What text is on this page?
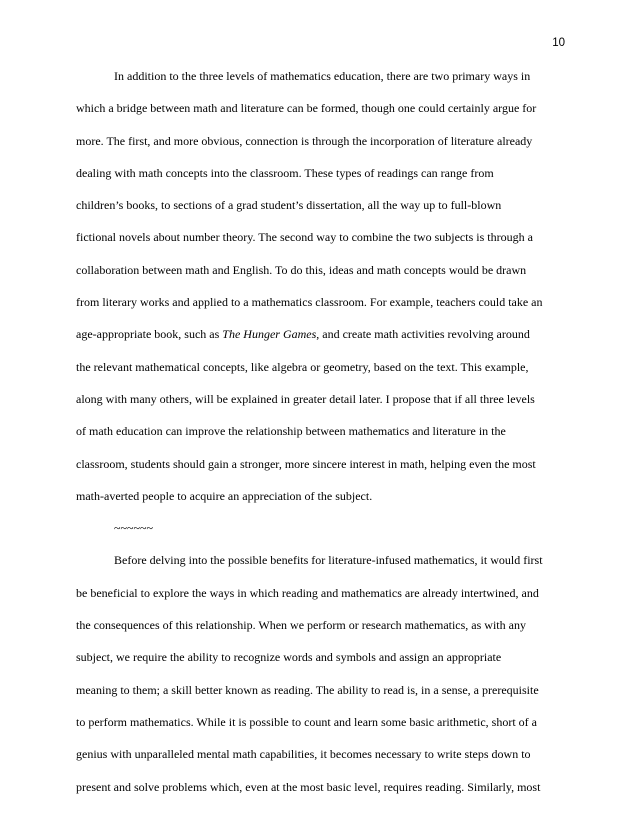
10
In addition to the three levels of mathematics education, there are two primary ways in
which a bridge between math and literature can be formed, though one could certainly argue for
more. The first, and more obvious, connection is through the incorporation of literature already
dealing with math concepts into the classroom. These types of readings can range from
children’s books, to sections of a grad student’s dissertation, all the way up to full-blown
fictional novels about number theory. The second way to combine the two subjects is through a
collaboration between math and English. To do this, ideas and math concepts would be drawn
from literary works and applied to a mathematics classroom. For example, teachers could take an
age-appropriate book, such as The Hunger Games, and create math activities revolving around
the relevant mathematical concepts, like algebra or geometry, based on the text. This example,
along with many others, will be explained in greater detail later. I propose that if all three levels
of math education can improve the relationship between mathematics and literature in the
classroom, students should gain a stronger, more sincere interest in math, helping even the most
math-averted people to acquire an appreciation of the subject.
~~~~~~
Before delving into the possible benefits for literature-infused mathematics, it would first
be beneficial to explore the ways in which reading and mathematics are already intertwined, and
the consequences of this relationship. When we perform or research mathematics, as with any
subject, we require the ability to recognize words and symbols and assign an appropriate
meaning to them; a skill better known as reading. The ability to read is, in a sense, a prerequisite
to perform mathematics. While it is possible to count and learn some basic arithmetic, short of a
genius with unparalleled mental math capabilities, it becomes necessary to write steps down to
present and solve problems which, even at the most basic level, requires reading. Similarly, most
